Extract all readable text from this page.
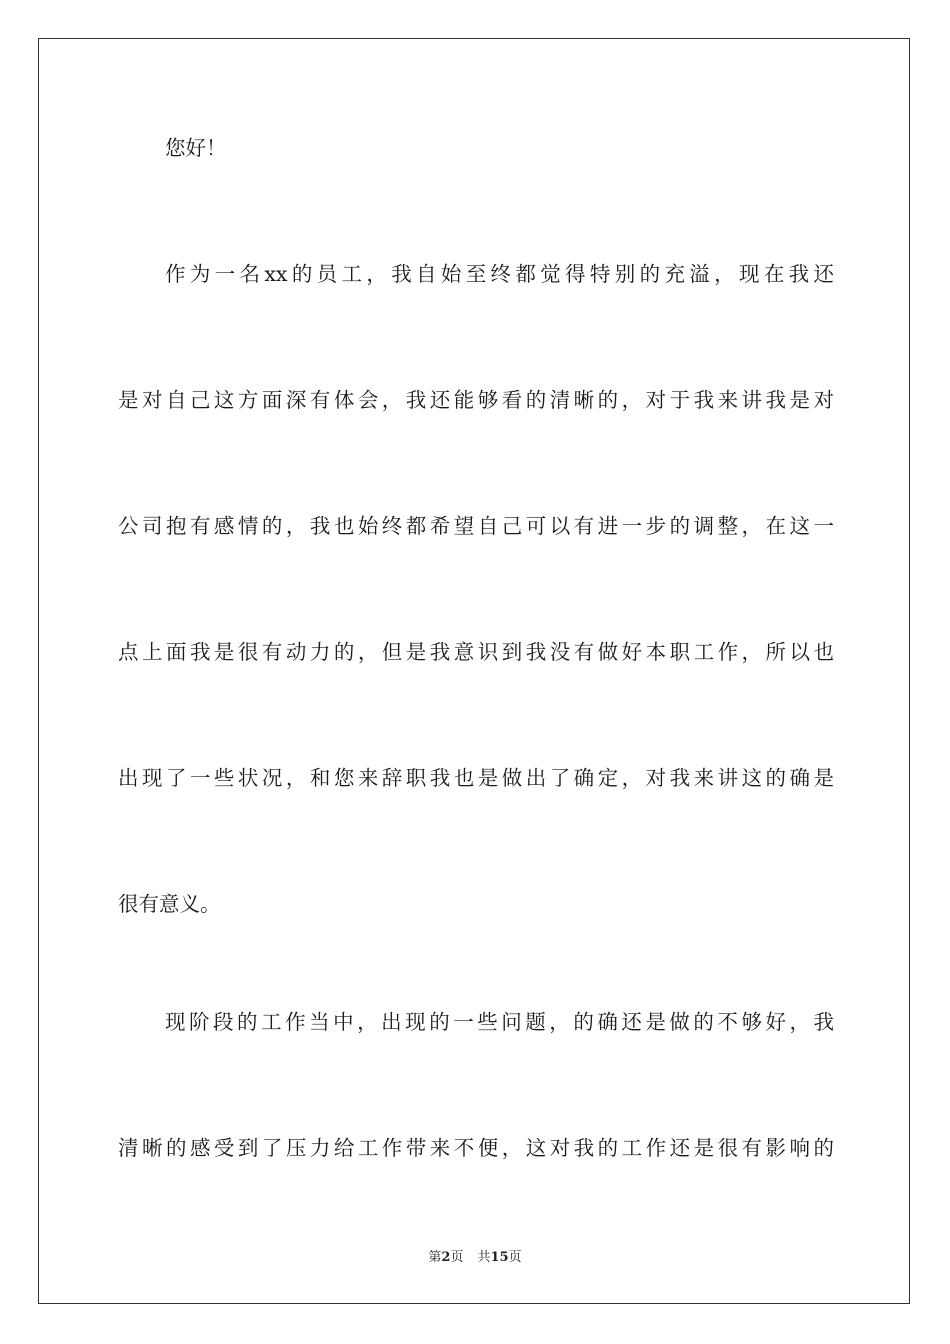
您好！
作为一名xx的员工，我自始至终都觉得特别的充溢，现在我还
是对自己这方面深有体会，我还能够看的清晰的，对于我来讲我是对
公司抱有感情的，我也始终都希望自己可以有进一步的调整，在这一
点上面我是很有动力的，但是我意识到我没有做好本职工作，所以也
出现了一些状况，和您来辞职我也是做出了确定，对我来讲这的确是
很有意义。
现阶段的工作当中，出现的一些问题，的确还是做的不够好，我
清晰的感受到了压力给工作带来不便，这对我的工作还是很有影响的
第2页 共15页
